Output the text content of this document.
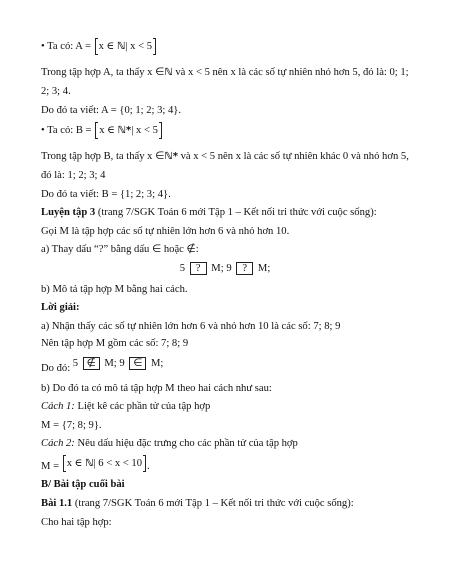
• Ta có: A = x ∈ ℕ| x < 5
Trong tập hợp A, ta thấy x ∈ℕ và x < 5 nên x là các số tự nhiên nhỏ hơn 5, đó là: 0; 1;
2; 3; 4.
Do đó ta viết: A = {0; 1; 2; 3; 4}.
• Ta có: B = x ∈ ℕ*| x < 5
Trong tập hợp B, ta thấy x ∈ℕ* và x < 5 nên x là các số tự nhiên khác 0 và nhỏ hơn 5,
đó là: 1; 2; 3; 4
Do đó ta viết: B = {1; 2; 3; 4}.
Luyện tập 3 (trang 7/SGK Toán 6 mới Tập 1 – Kết nối tri thức với cuộc sống):
Gọi M là tập hợp các số tự nhiên lớn hơn 6 và nhỏ hơn 10.
a) Thay dấu “?” bằng dấu ∈ hoặc ∉:
5 ? M; 9 ? M;
b) Mô tả tập hợp M bằng hai cách.
Lời giải:
a) Nhận thấy các số tự nhiên lớn hơn 6 và nhỏ hơn 10 là các số: 7; 8; 9
Nên tập hợp M gồm các số: 7; 8; 9
Do đó: 5 ∉ M; 9 ∈ M;
b) Do đó ta có mô tả tập hợp M theo hai cách như sau:
Cách 1: Liệt kê các phần tử của tập hợp
M = {7; 8; 9}.
Cách 2: Nêu dấu hiệu đặc trưng cho các phần tử của tập hợp
M = x ∈ ℕ| 6 < x < 10 .
B/ Bài tập cuối bài
Bài 1.1 (trang 7/SGK Toán 6 mới Tập 1 – Kết nối tri thức với cuộc sống):
Cho hai tập hợp:
